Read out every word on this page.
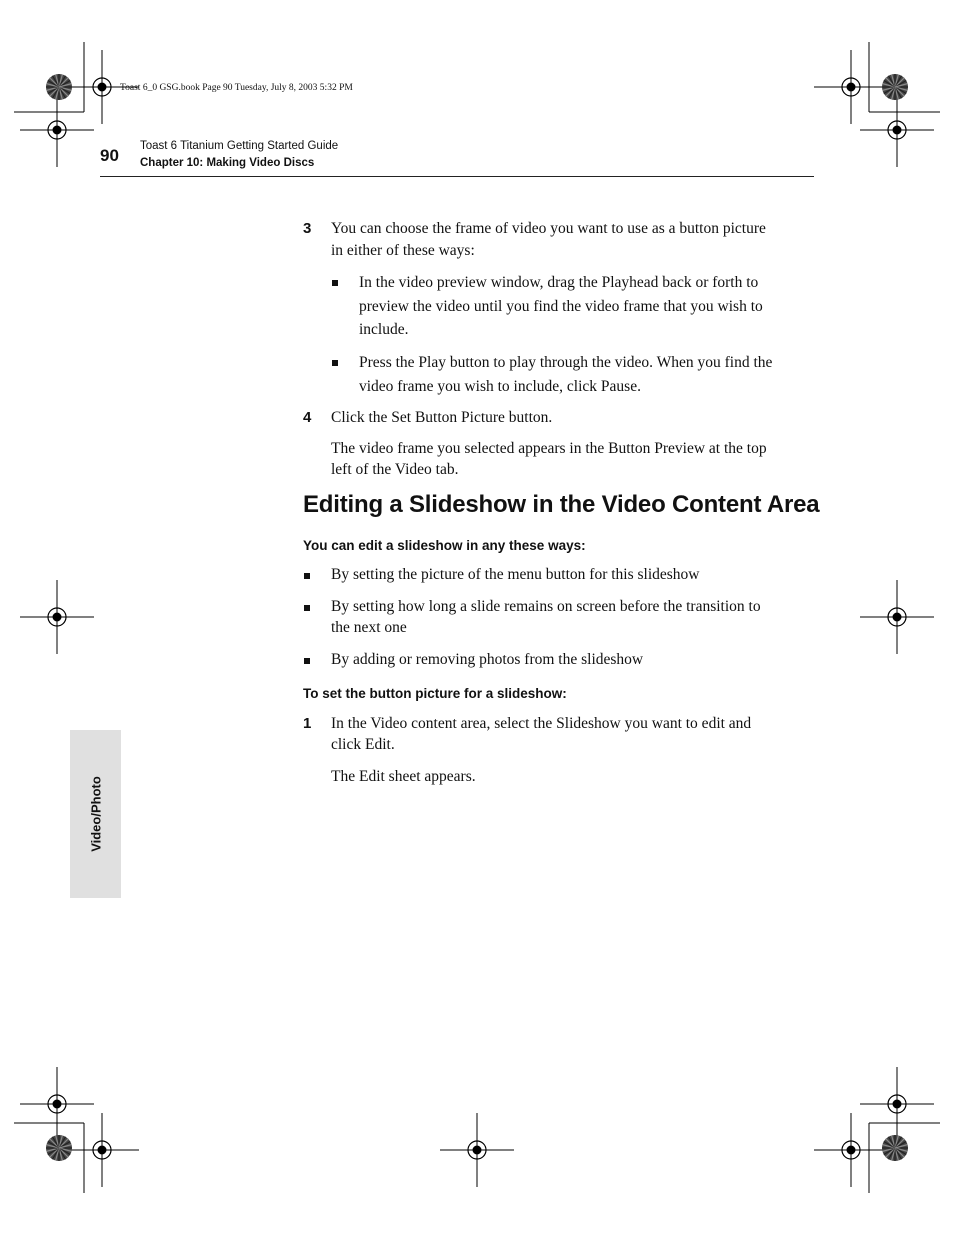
Toast 6_0 GSG.book Page 90 Tuesday, July 8, 2003 5:32 PM
90 Toast 6 Titanium Getting Started Guide
Chapter 10: Making Video Discs
Video/Photo
3 You can choose the frame of video you want to use as a button picture
in either of these ways:
In the video preview window, drag the Playhead back or forth to
preview the video until you find the video frame that you wish to
include.
Press the Play button to play through the video. When you find the
video frame you wish to include, click Pause.
4 Click the Set Button Picture button.
The video frame you selected appears in the Button Preview at the top
left of the Video tab.
Editing a Slideshow in the Video Content Area
You can edit a slideshow in any these ways:
By setting the picture of the menu button for this slideshow
By setting how long a slide remains on screen before the transition to
the next one
By adding or removing photos from the slideshow
To set the button picture for a slideshow:
1 In the Video content area, select the Slideshow you want to edit and
click Edit.
The Edit sheet appears.
